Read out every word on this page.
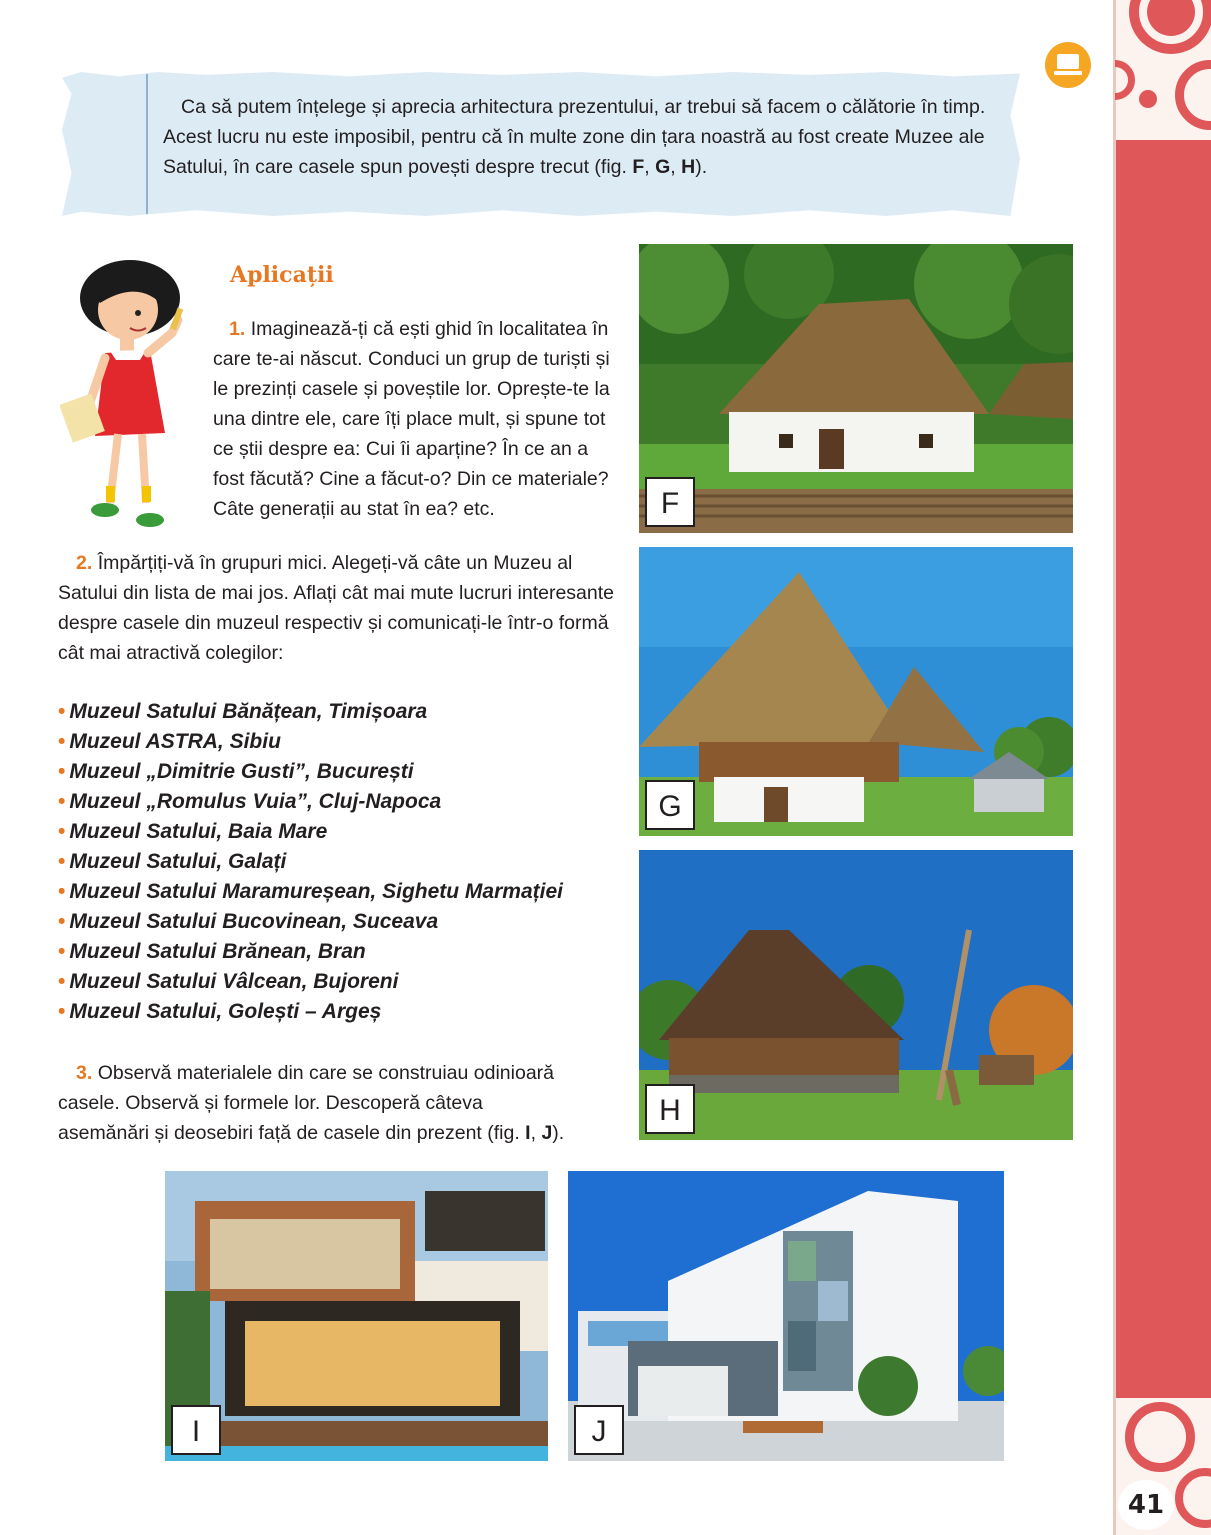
41

Ca să putem înțelege și aprecia arhitectura prezentului, ar trebui să facem o călătorie în timp. Acest lucru nu este imposibil, pentru că în multe zone din țara noastră au fost create Muzee ale Satului, în care casele spun povești despre trecut (fig. F, G, H).

Aplicații

1. Imaginează-ți că ești ghid în localitatea în care te-ai născut. Conduci un grup de turiști și le prezinți casele și poveștile lor. Oprește-te la una dintre ele, care îți place mult, și spune tot ce știi despre ea: Cui îi aparține? În ce an a fost făcută? Cine a făcut-o? Din ce materiale? Câte generații au stat în ea? etc.

2. Împărțiți-vă în grupuri mici. Alegeți-vă câte un Muzeu al Satului din lista de mai jos. Aflați cât mai mute lucruri interesante despre casele din muzeul respectiv și comunicați-le într-o formă cât mai atractivă colegilor:

• Muzeul Satului Bănățean, Timișoara
• Muzeul ASTRA, Sibiu
• Muzeul „Dimitrie Gusti”, București
• Muzeul „Romulus Vuia”, Cluj-Napoca
• Muzeul Satului, Baia Mare
• Muzeul Satului, Galați
• Muzeul Satului Maramureșean, Sighetu Marmației
• Muzeul Satului Bucovinean, Suceava
• Muzeul Satului Brănean, Bran
• Muzeul Satului Vâlcean, Bujoreni
• Muzeul Satului, Golești – Argeș

3. Observă materialele din care se construiau odinioară casele. Observă și formele lor. Descoperă câteva asemănări și deosebiri față de casele din prezent (fig. I, J).

F
G
H
I	J
